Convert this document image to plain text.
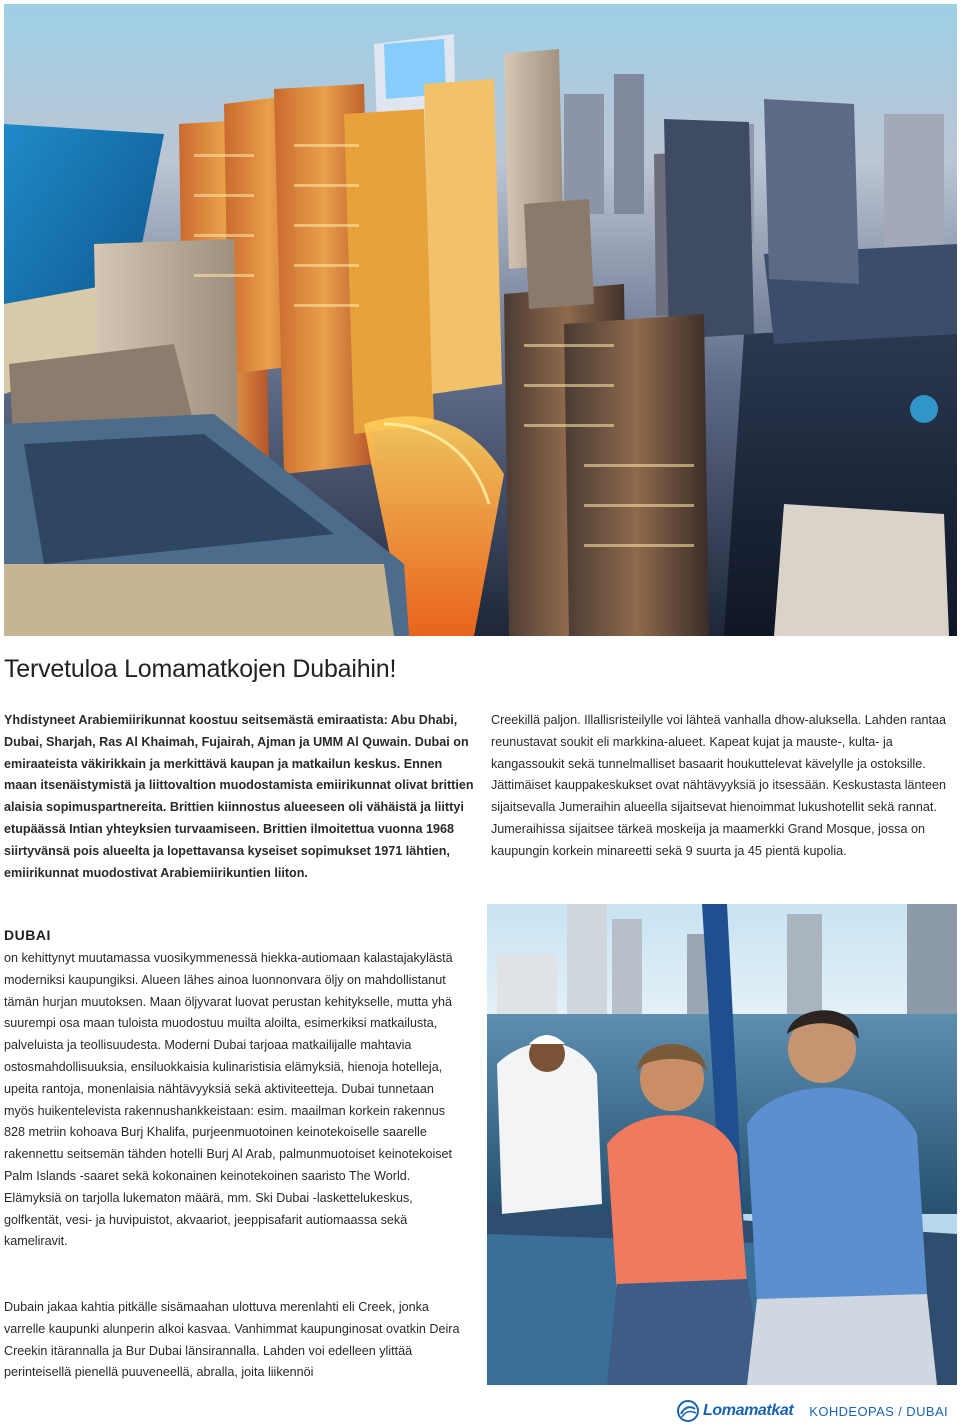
Tervetuloa Lomamatkojen Dubaihin!

Yhdistyneet Arabiemiirikunnat koostuu seitsemästä emiraatista: Abu Dhabi, Dubai, Sharjah, Ras Al Khaimah, Fujairah, Ajman ja UMM Al Quwain. Dubai on emiraateista väkirikkain ja merkittävä kaupan ja matkailun keskus. Ennen maan itsenäistymistä ja liittovaltion muodostamista emiirikunnat olivat brittien alaisia sopimuspartnereita. Brittien kiinnostus alueeseen oli vähäistä ja liittyi etupäässä Intian yhteyksien turvaamiseen. Brittien ilmoitettua vuonna 1968 siirtyvänsä pois alueelta ja lopettavansa kyseiset sopimukset 1971 lähtien, emiirikunnat muodostivat Arabiemiirikuntien liiton.

Creekillä paljon. Illallisristeilylle voi lähteä vanhalla dhow-aluksella. Lahden rantaa reunustavat soukit eli markkina-alueet. Kapeat kujat ja mauste-, kulta- ja kangassoukit sekä tunnelmalliset basaarit houkuttelevat kävelylle ja ostoksille. Jättimäiset kauppakeskukset ovat nähtävyyksiä jo itsessään. Keskustasta länteen sijaitsevalla Jumeraihin alueella sijaitsevat hienoimmat lukushotellit sekä rannat. Jumeraihissa sijaitsee tärkeä moskeija ja maamerkki Grand Mosque, jossa on kaupungin korkein minareetti sekä 9 suurta ja 45 pientä kupolia.

DUBAI

on kehittynyt muutamassa vuosikymmenessä hiekka-autiomaan kalastajakylästä moderniksi kaupungiksi. Alueen lähes ainoa luonnonvara öljy on mahdollistanut tämän hurjan muutoksen. Maan öljyvarat luovat perustan kehitykselle, mutta yhä suurempi osa maan tuloista muodostuu muilta aloilta, esimerkiksi matkailusta, palveluista ja teollisuudesta. Moderni Dubai tarjoaa matkailijalle mahtavia ostosmahdollisuuksia, ensiluokkaisia kulinaristisia elämyksiä, hienoja hotelleja, upeita rantoja, monenlaisia nähtävyyksiä sekä aktiviteetteja. Dubai tunnetaan myös huikentelevista rakennushankkeistaan: esim. maailman korkein rakennus 828 metriin kohoava Burj Khalifa, purjeenmuotoinen keinotekoiselle saarelle rakennettu seitsemän tähden hotelli Burj Al Arab, palmunmuotoiset keinotekoiset Palm Islands -saaret sekä kokonainen keinotekoinen saaristo The World. Elämyksiä on tarjolla lukematon määrä, mm. Ski Dubai -laskettelukeskus, golfkentät, vesi- ja huvipuistot, akvaariot, jeeppisafarit autiomaassa sekä kameliravit.

Dubain jakaa kahtia pitkälle sisämaahan ulottuva merenlahti eli Creek, jonka varrelle kaupunki alunperin alkoi kasvaa. Vanhimmat kaupunginosat ovatkin Deira Creekin itärannalla ja Bur Dubai länsirannalla. Lahden voi edelleen ylittää perinteisellä pienellä puuveneellä, abralla, joita liikennöi

Lomamatkat KOHDEOPAS / DUBAI
